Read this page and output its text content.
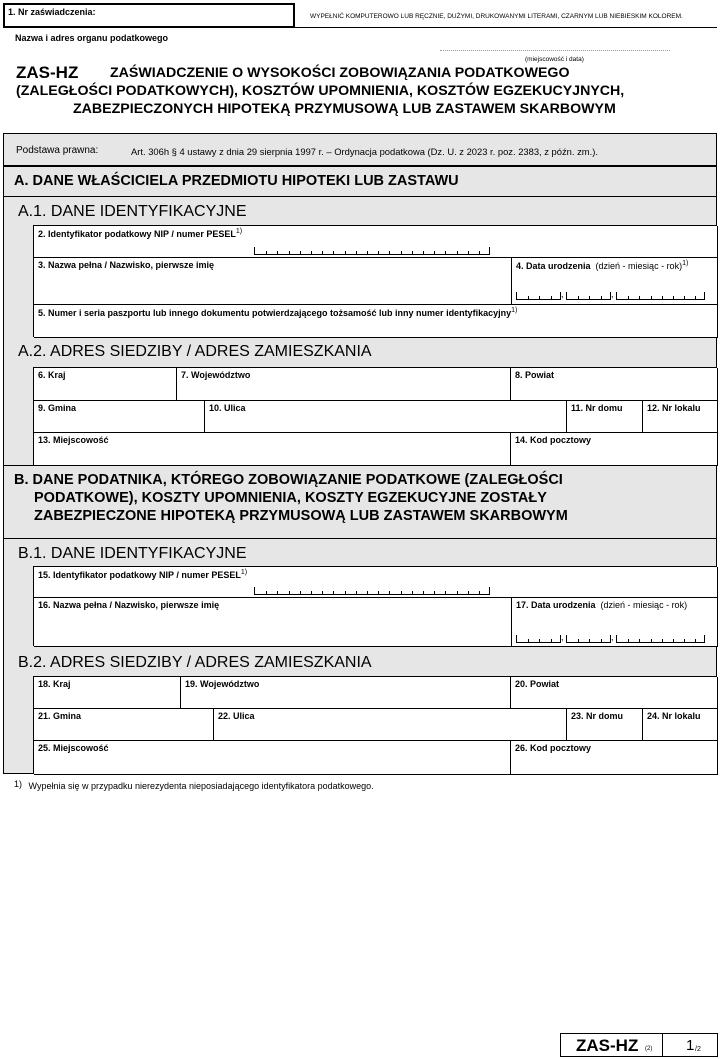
1. Nr zaświadczenia:	WYPEŁNIĆ KOMPUTEROWO LUB RĘCZNIE, DUŻYMI, DRUKOWANYMI LITERAMI, CZARNYM LUB NIEBIESKIM KOLOREM.
Nazwa i adres organu podatkowego
(miejscowość i data)
ZAS-HZ ZAŚWIADCZENIE O WYSOKOŚCI ZOBOWIĄZANIA PODATKOWEGO
(ZALEGŁOŚCI PODATKOWYCH), KOSZTÓW UPOMNIENIA, KOSZTÓW EGZEKUCYJNYCH,
ZABEZPIECZONYCH HIPOTEKĄ PRZYMUSOWĄ LUB ZASTAWEM SKARBOWYM
Podstawa prawna:	Art. 306h § 4 ustawy z dnia 29 sierpnia 1997 r. – Ordynacja podatkowa (Dz. U. z 2023 r. poz. 2383, z późn. zm.).
A. DANE WŁAŚCICIELA PRZEDMIOTU HIPOTEKI LUB ZASTAWU
A.1. DANE IDENTYFIKACYJNE
A.2. ADRES SIEDZIBY / ADRES ZAMIESZKANIA
2. Identyfikator podatkowy NIP / numer PESEL$^{1)}$
3. Nazwa pełna / Nazwisko, pierwsze imię	4. Data urodzenia (dzień - miesiąc - rok)$^{1)}$
,	,
5. Numer i seria paszportu lub innego dokumentu potwierdzającego tożsamość lub inny numer identyfikacyjny$^{1)}$
6. Kraj	7. Województwo	8. Powiat
9. Gmina	10. Ulica	11. Nr domu	12. Nr lokalu
13. Miejscowość	14. Kod pocztowy
B. DANE PODATNIKA, KTÓREGO ZOBOWIĄZANIE PODATKOWE (ZALEGŁOŚCI
PODATKOWE), KOSZTY UPOMNIENIA, KOSZTY EGZEKUCYJNE ZOSTAŁY
ZABEZPIECZONE HIPOTEKĄ PRZYMUSOWĄ LUB ZASTAWEM SKARBOWYM
B.1. DANE IDENTYFIKACYJNE
B.2. ADRES SIEDZIBY / ADRES ZAMIESZKANIA
15. Identyfikator podatkowy NIP / numer PESEL$^{1)}$
16. Nazwa pełna / Nazwisko, pierwsze imię	17. Data urodzenia (dzień - miesiąc - rok)
,	,
18. Kraj	19. Województwo	20. Powiat
21. Gmina	22. Ulica	23. Nr domu	24. Nr lokalu
25. Miejscowość	26. Kod pocztowy
1) Wypełnia się w przypadku nierezydenta nieposiadającego identyfikatora podatkowego.
ZAS-HZ (2) 1 /2
